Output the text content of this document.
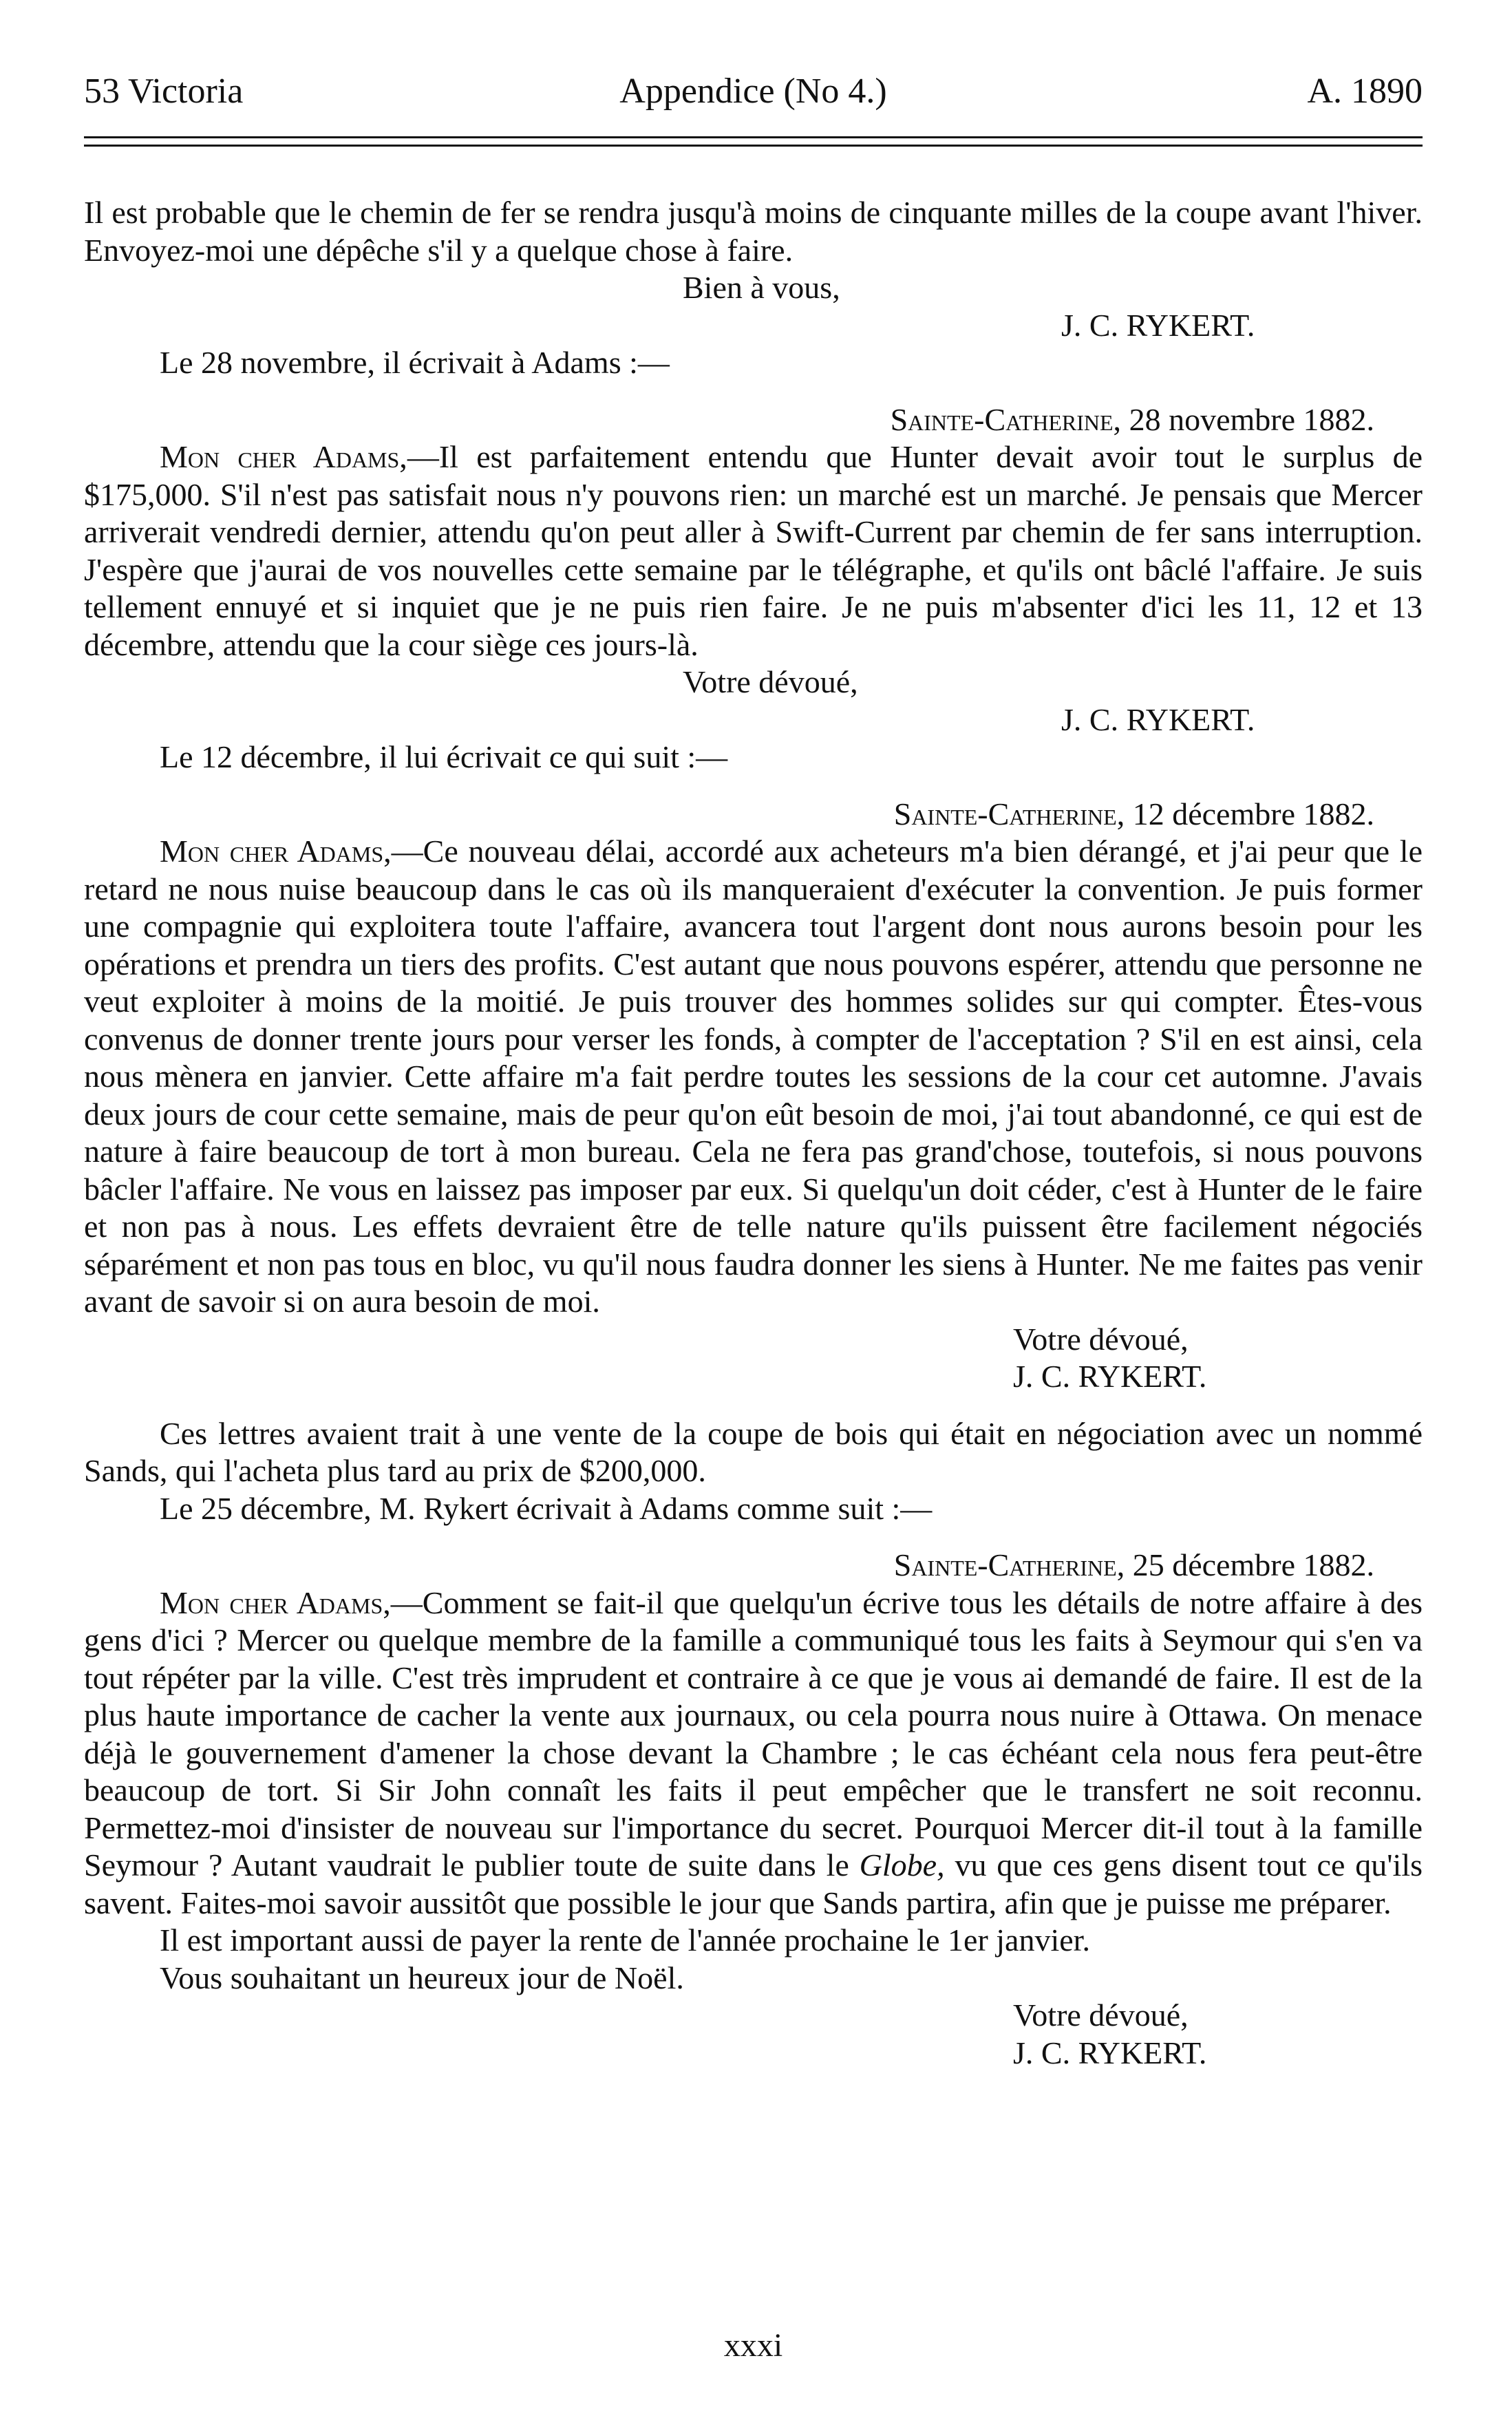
53 Victoria	Appendice (No 4.)	A. 1890

Il est probable que le chemin de fer se rendra jusqu'à moins de cinquante milles de la coupe avant l'hiver. Envoyez-moi une dépêche s'il y a quelque chose à faire.

Bien à vous,

J. C. RYKERT.

Le 28 novembre, il écrivait à Adams :—

Sainte-Catherine, 28 novembre 1882.

Mon cher Adams,—Il est parfaitement entendu que Hunter devait avoir tout le surplus de $175,000. S'il n'est pas satisfait nous n'y pouvons rien: un marché est un marché. Je pensais que Mercer arriverait vendredi dernier, attendu qu'on peut aller à Swift-Current par chemin de fer sans interruption. J'espère que j'aurai de vos nouvelles cette semaine par le télégraphe, et qu'ils ont bâclé l'affaire. Je suis tellement ennuyé et si inquiet que je ne puis rien faire. Je ne puis m'absenter d'ici les 11, 12 et 13 décembre, attendu que la cour siège ces jours-là.

Votre dévoué,

J. C. RYKERT.

Le 12 décembre, il lui écrivait ce qui suit :—

Sainte-Catherine, 12 décembre 1882.

Mon cher Adams,—Ce nouveau délai, accordé aux acheteurs m'a bien dérangé, et j'ai peur que le retard ne nous nuise beaucoup dans le cas où ils manqueraient d'exécuter la convention. Je puis former une compagnie qui exploitera toute l'affaire, avancera tout l'argent dont nous aurons besoin pour les opérations et prendra un tiers des profits. C'est autant que nous pouvons espérer, attendu que personne ne veut exploiter à moins de la moitié. Je puis trouver des hommes solides sur qui compter. Êtes-vous convenus de donner trente jours pour verser les fonds, à compter de l'acceptation ? S'il en est ainsi, cela nous mènera en janvier. Cette affaire m'a fait perdre toutes les sessions de la cour cet automne. J'avais deux jours de cour cette semaine, mais de peur qu'on eût besoin de moi, j'ai tout abandonné, ce qui est de nature à faire beaucoup de tort à mon bureau. Cela ne fera pas grand'chose, toutefois, si nous pouvons bâcler l'affaire. Ne vous en laissez pas imposer par eux. Si quelqu'un doit céder, c'est à Hunter de le faire et non pas à nous. Les effets devraient être de telle nature qu'ils puissent être facilement négociés séparément et non pas tous en bloc, vu qu'il nous faudra donner les siens à Hunter. Ne me faites pas venir avant de savoir si on aura besoin de moi.

Votre dévoué,

J. C. RYKERT.

Ces lettres avaient trait à une vente de la coupe de bois qui était en négociation avec un nommé Sands, qui l'acheta plus tard au prix de $200,000.

Le 25 décembre, M. Rykert écrivait à Adams comme suit :—

Sainte-Catherine, 25 décembre 1882.

Mon cher Adams,—Comment se fait-il que quelqu'un écrive tous les détails de notre affaire à des gens d'ici ? Mercer ou quelque membre de la famille a communiqué tous les faits à Seymour qui s'en va tout répéter par la ville. C'est très imprudent et contraire à ce que je vous ai demandé de faire. Il est de la plus haute importance de cacher la vente aux journaux, ou cela pourra nous nuire à Ottawa. On menace déjà le gouvernement d'amener la chose devant la Chambre ; le cas échéant cela nous fera peut-être beaucoup de tort. Si Sir John connaît les faits il peut empêcher que le transfert ne soit reconnu. Permettez-moi d'insister de nouveau sur l'importance du secret. Pourquoi Mercer dit-il tout à la famille Seymour ? Autant vaudrait le publier toute de suite dans le Globe, vu que ces gens disent tout ce qu'ils savent. Faites-moi savoir aussitôt que possible le jour que Sands partira, afin que je puisse me préparer.

Il est important aussi de payer la rente de l'année prochaine le 1er janvier.

Vous souhaitant un heureux jour de Noël.

Votre dévoué,

J. C. RYKERT.

xxxi
